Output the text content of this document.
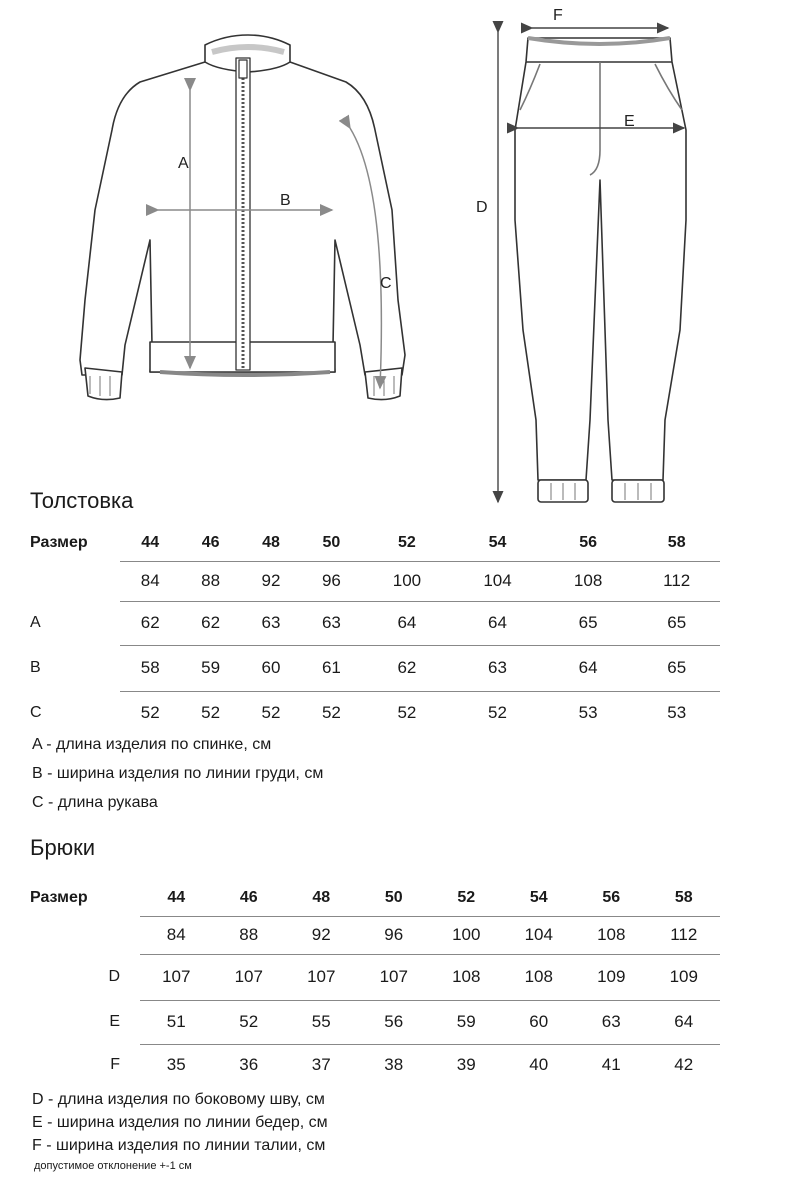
A
B
C
F
E
D
Толстовка
Размер	44	46	48	50	52	54	56	58
	84	88	92	96	100	104	108	112
A	62	62	63	63	64	64	65	65
B	58	59	60	61	62	63	64	65
C	52	52	52	52	52	52	53	53
A - длина изделия по спинке, см
B - ширина изделия по линии груди, см
C - длина рукава
Брюки
Размер	44	46	48	50	52	54	56	58
	84	88	92	96	100	104	108	112
D	107	107	107	107	108	108	109	109
E	51	52	55	56	59	60	63	64
F	35	36	37	38	39	40	41	42
D - длина изделия по боковому шву, см
E - ширина изделия по линии бедер, см
F - ширина изделия по линии талии, см
допустимое отклонение +-1 см
